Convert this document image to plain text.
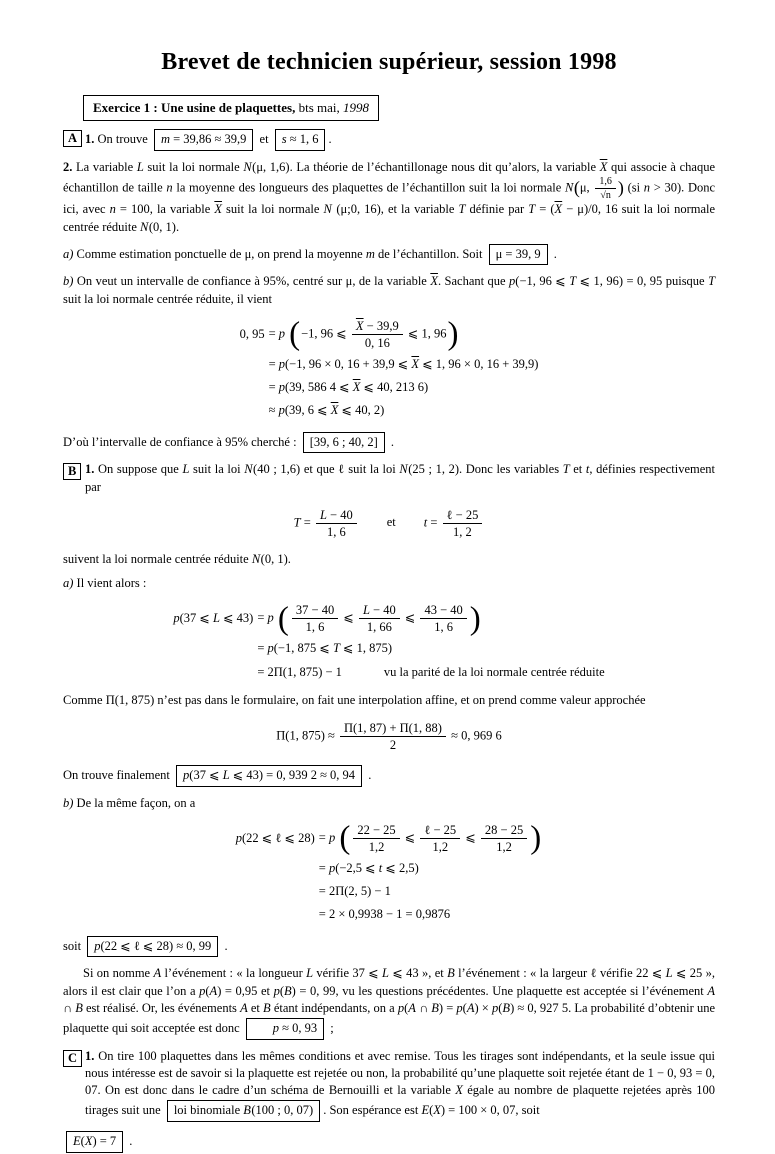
Brevet de technicien supérieur, session 1998
Exercice 1 : Une usine de plaquettes, bts mai, 1998
A 1. On trouve m = 39,86 ≈ 39,9 et s ≈ 1, 6 .
2. La variable L suit la loi normale N(μ, 1,6). La théorie de l’échantillonage nous dit qu’alors, la variable $\overline{X}$ qui associe à chaque échantillon de taille n la moyenne des longueurs des plaquettes de l’échantillon suit la loi normale N(μ, $\frac{1,6}{√n}$ ) (si n > 30). Donc ici, avec n = 100, la variable $\overline{X}$ suit la loi normale N (μ;0, 16), et la variable T définie par $T = (\overline{X} - \mu)/0$, 16 suit la loi normale centrée réduite N(0, 1).
a) Comme estimation ponctuelle de μ, on prend la moyenne m de l’échantillon. Soit μ = 39, 9 .
b) On veut un intervalle de confiance à 95%, centré sur μ, de la variable $\overline{X}$. Sachant que p(−1, 96 ⩽ T ⩽ 1, 96) = 0, 95 puisque T suit la loi normale centrée réduite, il vient
0, 95 = p (−1, 96 ⩽ $\frac{\overline{X} - 39,9}{0, 16}$ ⩽ 1, 96)
= p(−1, 96 × 0, 16 + 39,9 ⩽ $\overline{X}$ ⩽ 1, 96 × 0, 16 + 39,9)
= p(39, 586 4 ⩽ $\overline{X}$ ⩽ 40, 213 6)
≈ p(39, 6 ⩽ $\overline{X}$ ⩽ 40, 2)
D’où l’intervalle de confiance à 95% cherché : [39, 6 ; 40, 2] .
B 1. On suppose que L suit la loi N(40 ; 1,6) et que ℓ suit la loi N(25 ; 1, 2). Donc les variables T et t, définies respectivement par
$T = \frac{L - 40}{1, 6}$ et $t = \frac{\text{ℓ − 25}}{1, 2}$
suivent la loi normale centrée réduite N(0, 1).
a) Il vient alors :
p(37 ⩽ L ⩽ 43) = p ( $\frac{37 - 40}{1, 6}$ ⩽ $\frac{L - 40}{1, 66}$ ⩽ $\frac{43 - 40}{1, 6}$ )
= p(−1, 875 ⩽ T ⩽ 1, 875)
= 2Π(1, 875) − 1	vu la parité de la loi normale centrée réduite
Comme Π(1, 875) n’est pas dans le formulaire, on fait une interpolation affine, et on prend comme valeur approchée
Π(1, $875) \approx \frac{\Pi(1, 87) + \Pi(1, 88)}{2} \approx 0$, 969 6
On trouve finalement p(37 ⩽ L ⩽ 43) = 0, 939 2 ≈ 0, 94 .
b) De la même façon, on a
p(22 ⩽ ℓ ⩽ 28) = p ( $\frac{22 - 25}{1,2}$ ⩽ $\frac{\text{ℓ − 25}}{1,2}$ ⩽ $\frac{28 - 25}{1,2}$ )
= p(−2,5 ⩽ t ⩽ 2,5)
= 2Π(2, 5) − 1
= 2 × 0,9938 − 1 = 0,9876
soit p(22 ⩽ ℓ ⩽ 28) ≈ 0, 99 .
Si on nomme A l’événement : « la longueur L vérifie 37 ⩽ L ⩽ 43 », et B l’événement : « la largeur ℓ vérifie 22 ⩽ L ⩽ 25 », alors il est clair que l’on a p(A) = 0,95 et p(B) = 0, 99, vu les questions précédentes. Une plaquette est acceptée si l’événement A ∩ B est réalisé. Or, les événements A et B étant indépendants, on a p(A ∩ B) = p(A) × p(B) ≈ 0, 927 5. La probabilité d’obtenir une plaquette qui soit acceptée est donc p ≈ 0, 93 ;
C 1. On tire 100 plaquettes dans les mêmes conditions et avec remise. Tous les tirages sont indépendants, et la seule issue qui nous intéresse est de savoir si la plaquette est rejetée ou non, la probabilité qu’une plaquette soit rejetée étant de 1 − 0, 93 = 0, 07. On est donc dans le cadre d’un schéma de Bernouilli et la variable X égale au nombre de plaquette rejetées après 100 tirages suit une loi binomiale B(100 ; 0, 07) . Son espérance est E(X) = 100 × 0, 07, soit
E(X) = 7 .
